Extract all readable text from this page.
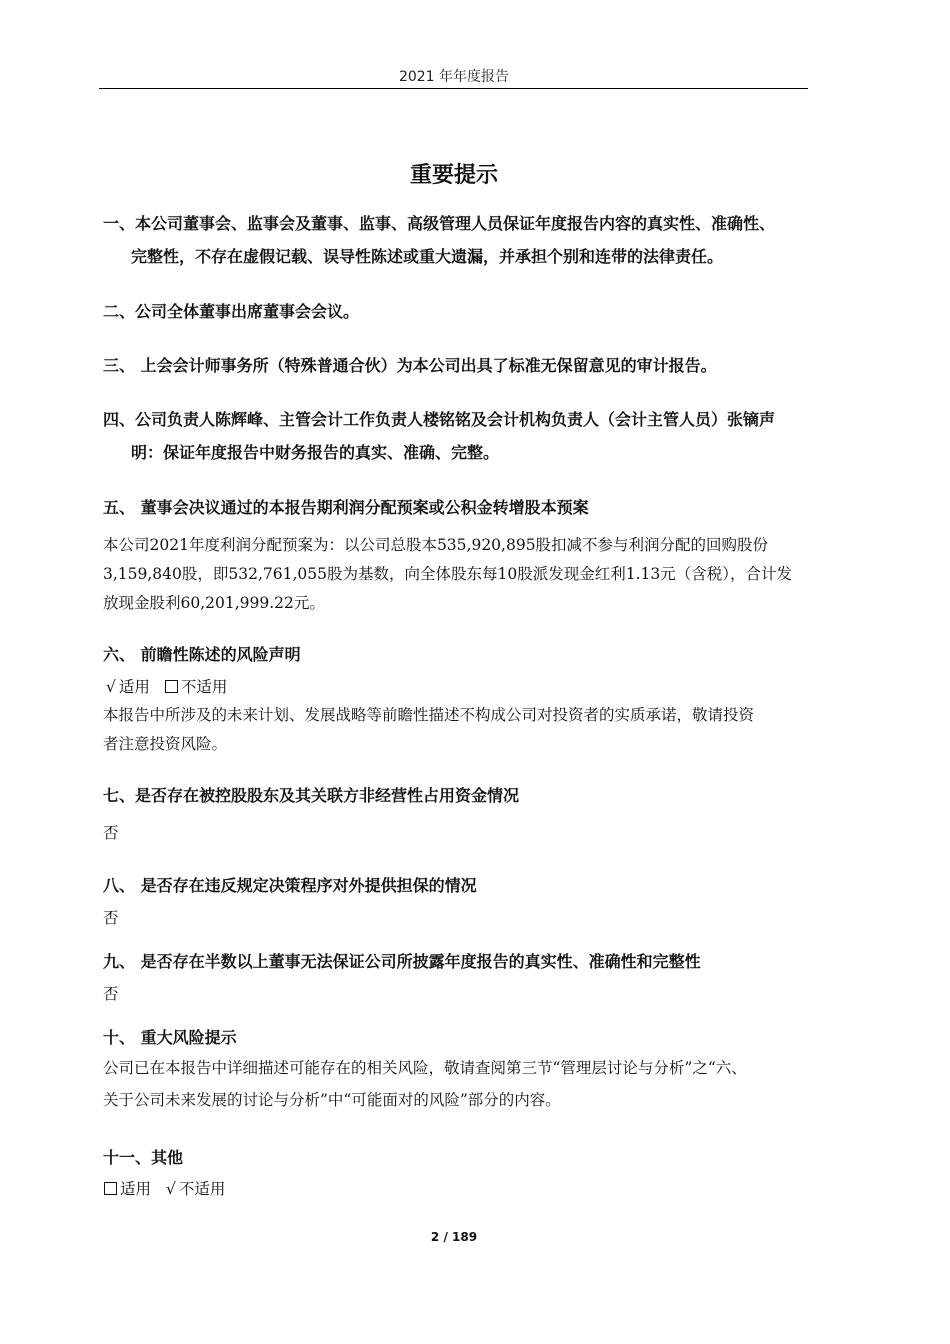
2021 年年度报告
重要提示
一、本公司董事会、监事会及董事、监事、高级管理人员保证年度报告内容的真实性、准确性、
完整性，不存在虚假记载、误导性陈述或重大遗漏，并承担个别和连带的法律责任。
二、公司全体董事出席董事会会议。
三、 上会会计师事务所（特殊普通合伙）为本公司出具了标准无保留意见的审计报告。
四、公司负责人陈辉峰、主管会计工作负责人楼铭铭及会计机构负责人（会计主管人员）张镝声
明：保证年度报告中财务报告的真实、准确、完整。
五、 董事会决议通过的本报告期利润分配预案或公积金转增股本预案
本公司2021年度利润分配预案为：以公司总股本535,920,895股扣减不参与利润分配的回购股份
3,159,840股，即532,761,055股为基数，向全体股东每10股派发现金红利1.13元（含税），合计发
放现金股利60,201,999.22元。
六、 前瞻性陈述的风险声明
√ 适用 不适用
本报告中所涉及的未来计划、发展战略等前瞻性描述不构成公司对投资者的实质承诺，敬请投资
者注意投资风险。
七、是否存在被控股股东及其关联方非经营性占用资金情况
否
八、 是否存在违反规定决策程序对外提供担保的情况
否
九、 是否存在半数以上董事无法保证公司所披露年度报告的真实性、准确性和完整性
否
十、 重大风险提示
公司已在本报告中详细描述可能存在的相关风险，敬请查阅第三节“管理层讨论与分析”之“六、
关于公司未来发展的讨论与分析”中“可能面对的风险”部分的内容。
十一、其他
适用 √ 不适用
2 / 189
